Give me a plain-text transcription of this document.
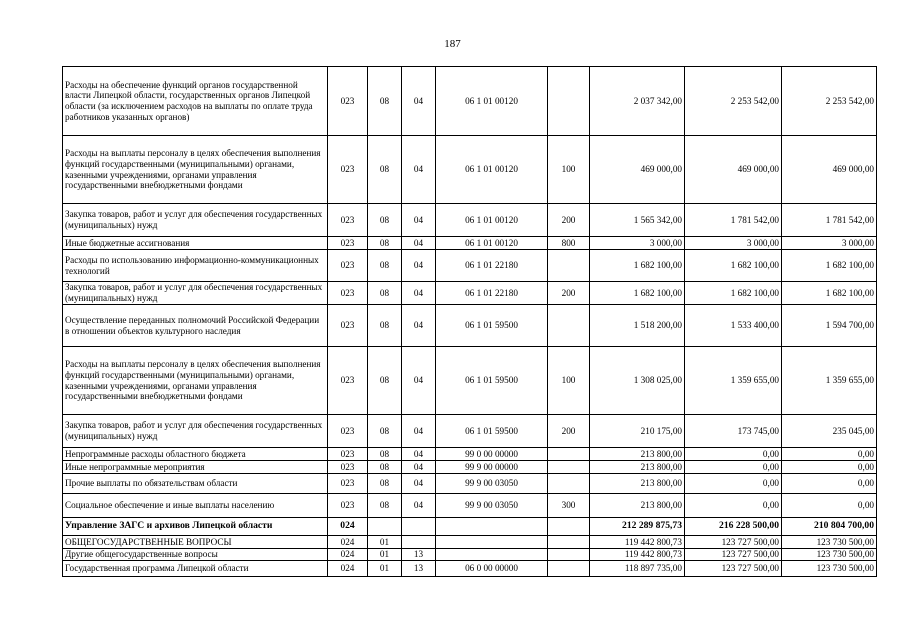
187
Расходы на обеспечение функций органов государственной власти Липецкой области, государственных органов Липецкой области (за исключением расходов на выплаты по оплате труда работников указанных органов)	023	08	04	06 1 01 00120		2 037 342,00	2 253 542,00	2 253 542,00
Расходы на выплаты персоналу в целях обеспечения выполнения функций государственными (муниципальными) органами, казенными учреждениями, органами управления государственными внебюджетными фондами	023	08	04	06 1 01 00120	100	469 000,00	469 000,00	469 000,00
Закупка товаров, работ и услуг для обеспечения государственных (муниципальных) нужд	023	08	04	06 1 01 00120	200	1 565 342,00	1 781 542,00	1 781 542,00
Иные бюджетные ассигнования	023	08	04	06 1 01 00120	800	3 000,00	3 000,00	3 000,00
Расходы по использованию информационно-коммуникационных технологий	023	08	04	06 1 01 22180		1 682 100,00	1 682 100,00	1 682 100,00
Закупка товаров, работ и услуг для обеспечения государственных (муниципальных) нужд	023	08	04	06 1 01 22180	200	1 682 100,00	1 682 100,00	1 682 100,00
Осуществление переданных полномочий Российской Федерации в отношении объектов культурного наследия	023	08	04	06 1 01 59500		1 518 200,00	1 533 400,00	1 594 700,00
Расходы на выплаты персоналу в целях обеспечения выполнения функций государственными (муниципальными) органами, казенными учреждениями, органами управления государственными внебюджетными фондами	023	08	04	06 1 01 59500	100	1 308 025,00	1 359 655,00	1 359 655,00
Закупка товаров, работ и услуг для обеспечения государственных (муниципальных) нужд	023	08	04	06 1 01 59500	200	210 175,00	173 745,00	235 045,00
Непрограммные расходы областного бюджета	023	08	04	99 0 00 00000		213 800,00	0,00	0,00
Иные непрограммные мероприятия	023	08	04	99 9 00 00000		213 800,00	0,00	0,00
Прочие выплаты по обязательствам области	023	08	04	99 9 00 03050		213 800,00	0,00	0,00
Социальное обеспечение и иные выплаты населению	023	08	04	99 9 00 03050	300	213 800,00	0,00	0,00
Управление ЗАГС и архивов Липецкой области	024					212 289 875,73	216 228 500,00	210 804 700,00
ОБЩЕГОСУДАРСТВЕННЫЕ ВОПРОСЫ	024	01				119 442 800,73	123 727 500,00	123 730 500,00
Другие общегосударственные вопросы	024	01	13			119 442 800,73	123 727 500,00	123 730 500,00
Государственная программа Липецкой области	024	01	13	06 0 00 00000		118 897 735,00	123 727 500,00	123 730 500,00
